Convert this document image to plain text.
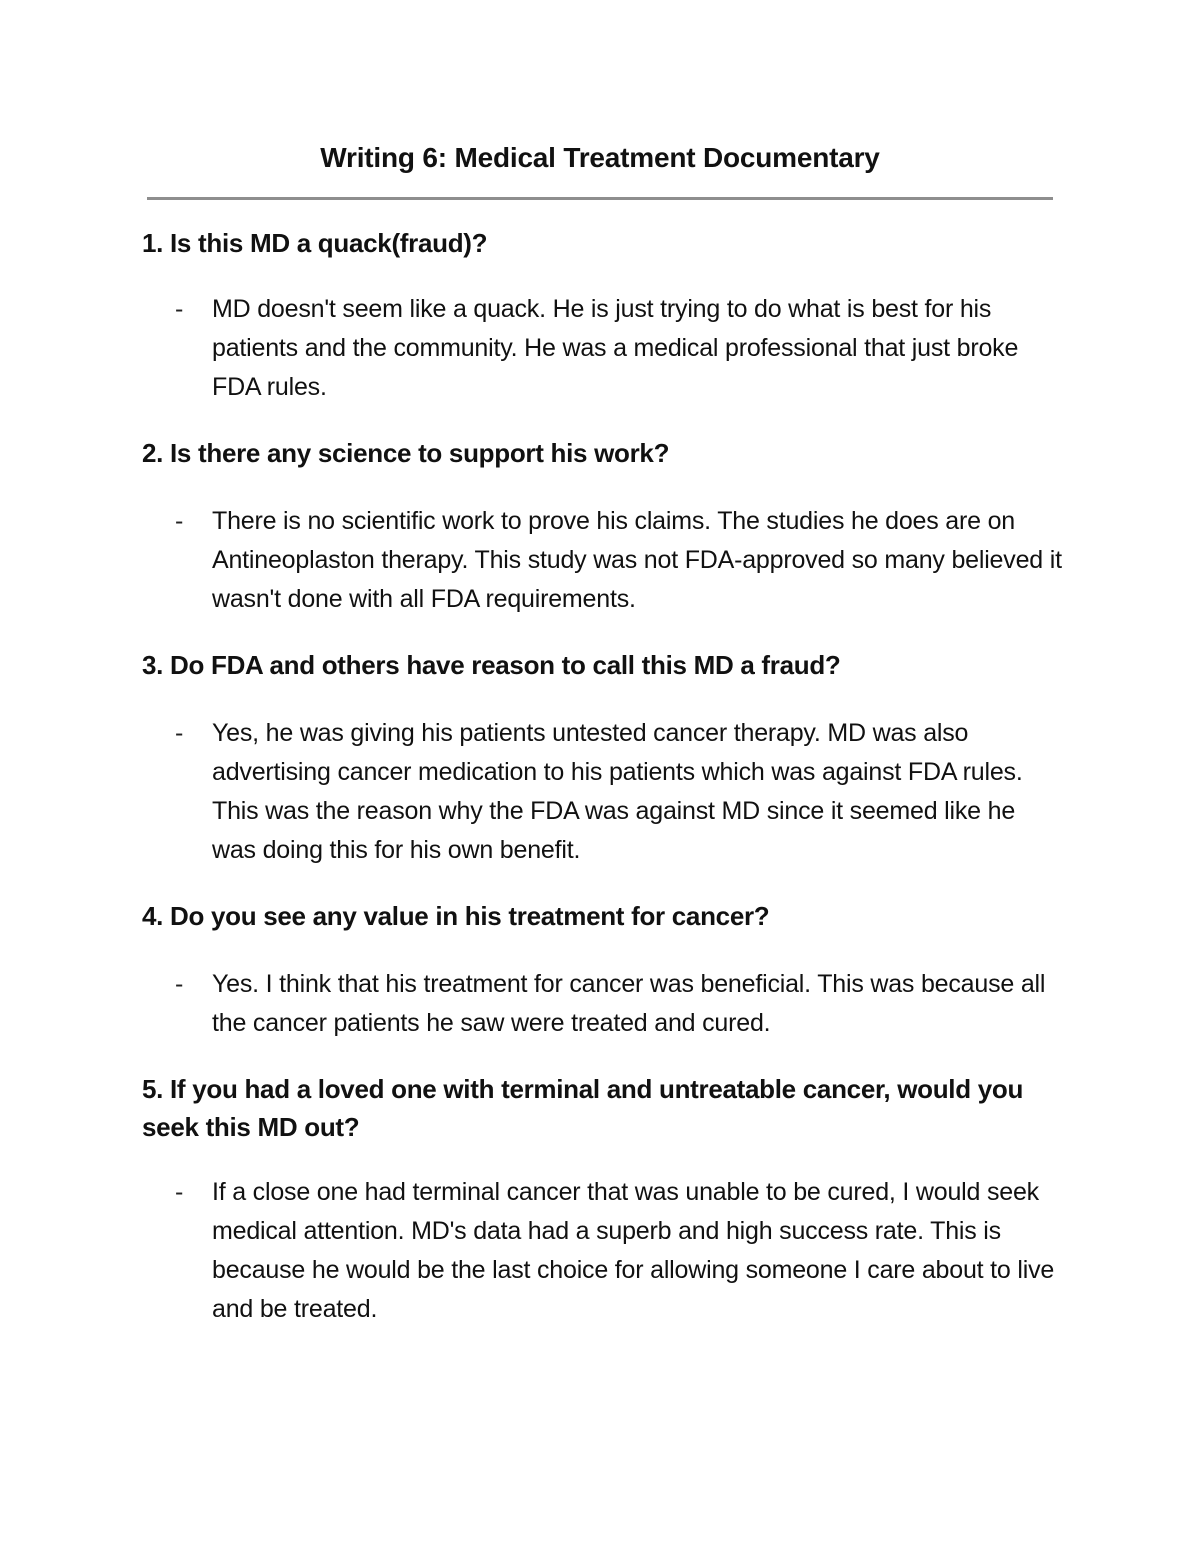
Writing 6: Medical Treatment Documentary
1. Is this MD a quack(fraud)?
-	MD doesn't seem like a quack. He is just trying to do what is best for his patients and the community. He was a medical professional that just broke FDA rules.
2. Is there any science to support his work?
-	There is no scientific work to prove his claims. The studies he does are on Antineoplaston therapy. This study was not FDA-approved so many believed it wasn't done with all FDA requirements.
3. Do FDA and others have reason to call this MD a fraud?
-	Yes, he was giving his patients untested cancer therapy. MD was also advertising cancer medication to his patients which was against FDA rules. This was the reason why the FDA was against MD since it seemed like he was doing this for his own benefit.
4. Do you see any value in his treatment for cancer?
-	Yes. I think that his treatment for cancer was beneficial. This was because all the cancer patients he saw were treated and cured.
5. If you had a loved one with terminal and untreatable cancer, would you seek this MD out?
-	If a close one had terminal cancer that was unable to be cured, I would seek medical attention. MD's data had a superb and high success rate. This is because he would be the last choice for allowing someone I care about to live and be treated.
